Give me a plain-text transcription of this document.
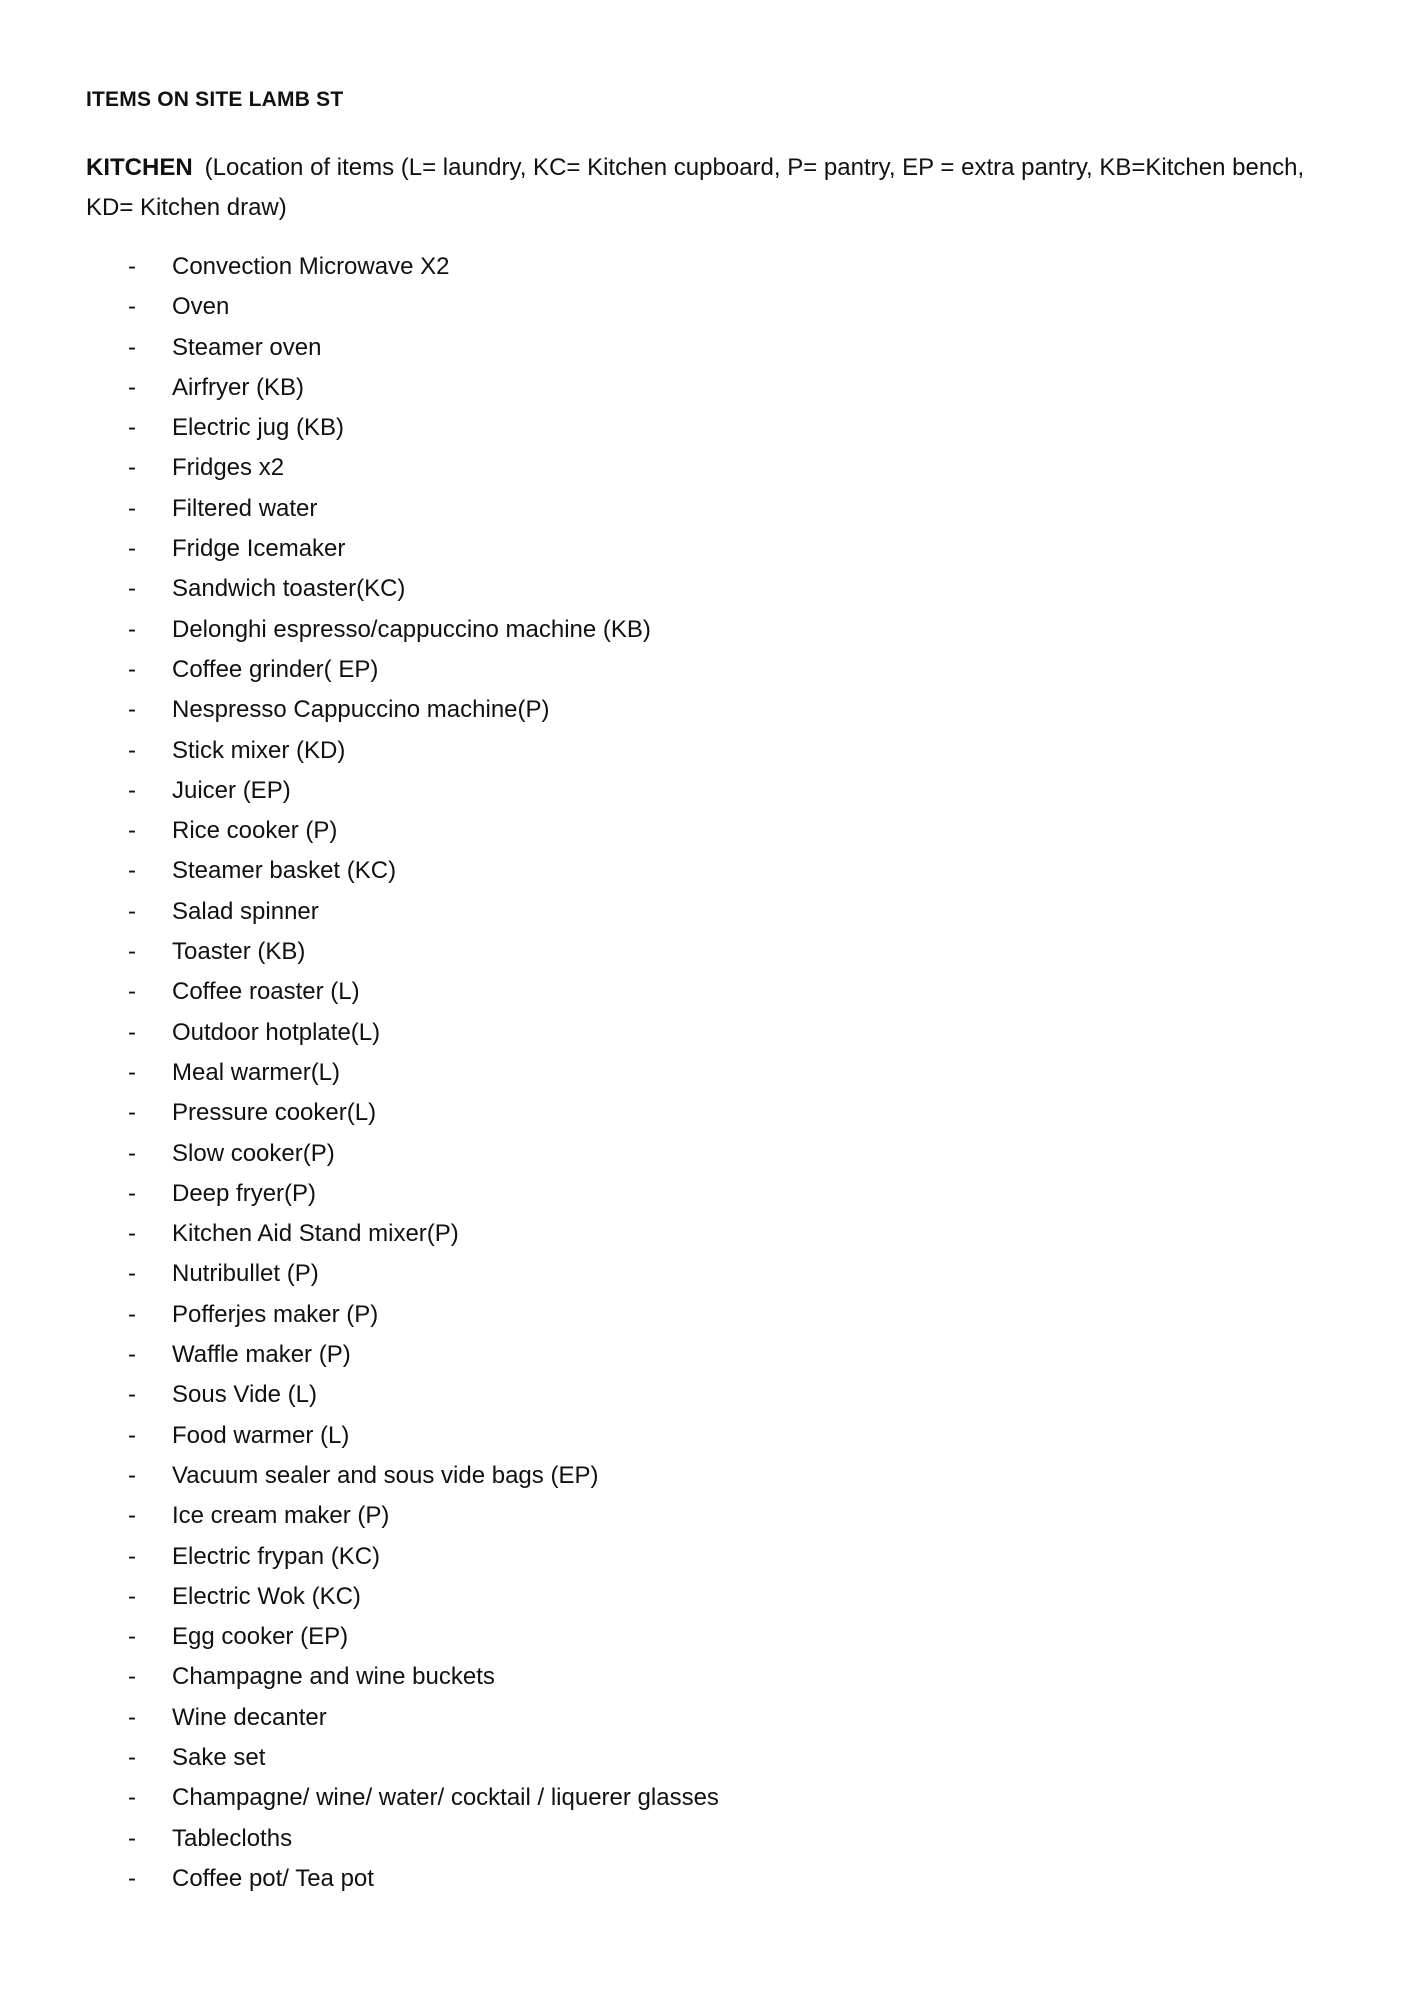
ITEMS ON SITE LAMB ST
KITCHEN (Location of items (L= laundry, KC= Kitchen cupboard, P= pantry, EP = extra pantry, KB=Kitchen bench, KD= Kitchen draw)
- Convection Microwave X2
- Oven
- Steamer oven
- Airfryer (KB)
- Electric jug (KB)
- Fridges x2
- Filtered water
- Fridge Icemaker
- Sandwich toaster(KC)
- Delonghi espresso/cappuccino machine (KB)
- Coffee grinder( EP)
- Nespresso Cappuccino machine(P)
- Stick mixer (KD)
- Juicer (EP)
- Rice cooker (P)
- Steamer basket (KC)
- Salad spinner
- Toaster (KB)
- Coffee roaster (L)
- Outdoor hotplate(L)
- Meal warmer(L)
- Pressure cooker(L)
- Slow cooker(P)
- Deep fryer(P)
- Kitchen Aid Stand mixer(P)
- Nutribullet (P)
- Pofferjes maker (P)
- Waffle maker (P)
- Sous Vide (L)
- Food warmer (L)
- Vacuum sealer and sous vide bags (EP)
- Ice cream maker (P)
- Electric frypan (KC)
- Electric Wok (KC)
- Egg cooker (EP)
- Champagne and wine buckets
- Wine decanter
- Sake set
- Champagne/ wine/ water/ cocktail / liquerer glasses
- Tablecloths
- Coffee pot/ Tea pot
